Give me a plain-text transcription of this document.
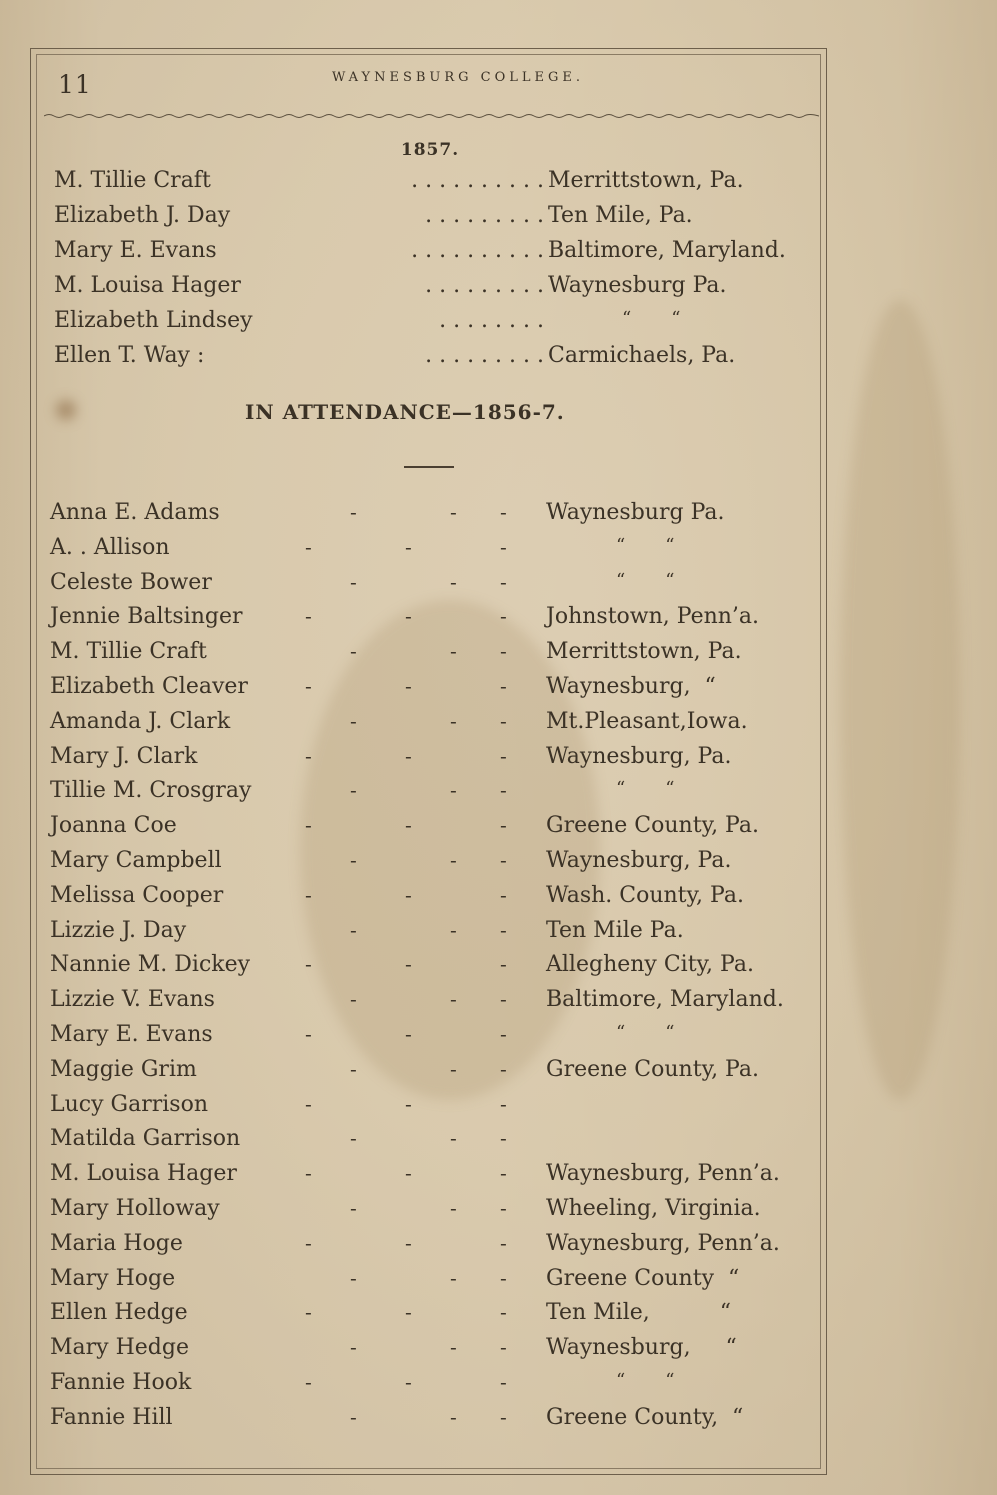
11	WAYNESBURG COLLEGE.
1857.
M. Tillie Craft	. . . . . . . . . . Merrittstown, Pa.
Elizabeth J. Day	. . . . . . . . . Ten Mile, Pa.
Mary E. Evans	. . . . . . . . . . Baltimore, Maryland.
M. Louisa Hager	. . . . . . . . . Waynesburg Pa.
Elizabeth Lindsey	. . . . . . . .	“       “
Ellen T. Way :	. . . . . . . . . Carmichaels, Pa.
IN ATTENDANCE—1856-7.
Anna E. Adams	-	- - Waynesburg Pa.
A. . Allison	-	-	-	“       “
Celeste Bower	-	- -	“       “
Jennie Baltsinger	-	-	- Johnstown, Penn’a.
M. Tillie Craft	-	- - Merrittstown, Pa.
Elizabeth Cleaver	-	-	- Waynesburg,  “
Amanda J. Clark	-	- - Mt.Pleasant,Iowa.
Mary J. Clark	-	-	- Waynesburg, Pa.
Tillie M. Crosgray	-	- -	“       “
Joanna Coe	-	-	- Greene County, Pa.
Mary Campbell	-	- - Waynesburg, Pa.
Melissa Cooper	-	-	- Wash. County, Pa.
Lizzie J. Day	-	- - Ten Mile Pa.
Nannie M. Dickey	-	-	- Allegheny City, Pa.
Lizzie V. Evans	-	- - Baltimore, Maryland.
Mary E. Evans	-	-	-	“       “
Maggie Grim	-	- - Greene County, Pa.
Lucy Garrison	-	-	-
Matilda Garrison	-	- -
M. Louisa Hager	-	-	- Waynesburg, Penn’a.
Mary Holloway	-	- - Wheeling, Virginia.
Maria Hoge	-	-	- Waynesburg, Penn’a.
Mary Hoge	-	- - Greene County  “
Ellen Hedge	-	-	- Ten Mile,          “
Mary Hedge	-	- - Waynesburg,     “
Fannie Hook	-	-	-	“       “
Fannie Hill	-	- - Greene County,  “
